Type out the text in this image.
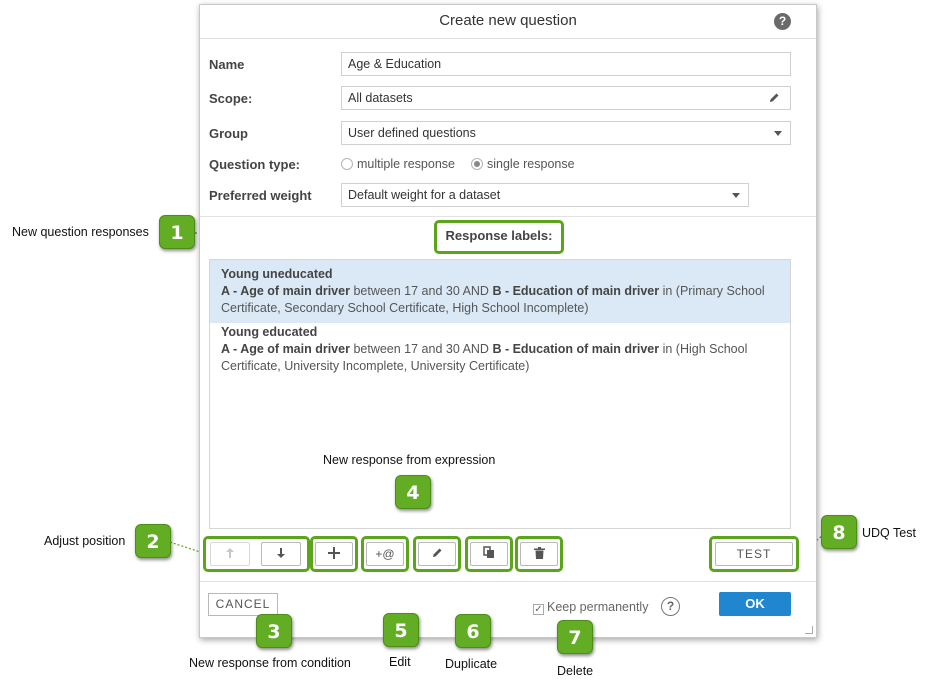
Create new question	?
Name	Age & Education
Scope:	All datasets
Group	User defined questions
Question type:	multiple response	single response
Preferred weight	Default weight for a dataset
Response labels:
Young uneducated
A - Age of main driver between 17 and 30 AND B - Education of main driver in (Primary School Certificate, Secondary School Certificate, High School Incomplete)
Young educated
A - Age of main driver between 17 and 30 AND B - Education of main driver in (High School Certificate, University Incomplete, University Certificate)
+@	TEST
CANCEL	✓ Keep permanently	?	OK
1
New question responses
2
Adjust position
3
New response from condition
4
New response from expression
5
Edit
6
Duplicate
7
Delete
8	UDQ Test
